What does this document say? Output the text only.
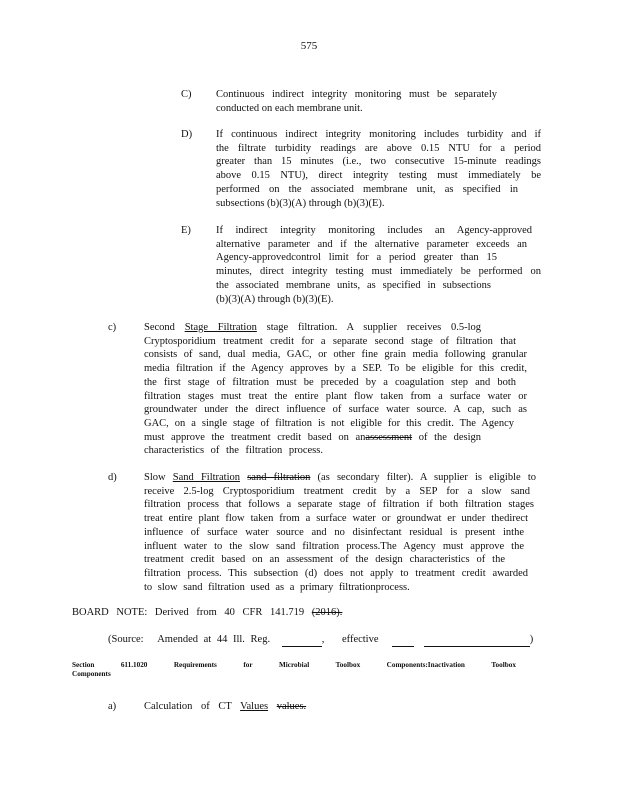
575
C) Continuous indirect integrity monitoring must be separately
conducted on each membrane unit.
D) If continuous indirect integrity monitoring includes turbidity and if
the filtrate turbidity readings are above 0.15 NTU for a period
greater than 15 minutes (i.e., two consecutive 15-minute readings
above 0.15 NTU), direct integrity testing must immediately be
performed on the associated membrane unit, as specified in
subsections (b)(3)(A) through (b)(3)(E).
E) If indirect integrity monitoring includes an Agency-approved
alternative parameter and if the alternative parameter exceeds an
Agency-approvedcontrol limit for a period greater than 15
minutes, direct integrity testing must immediately be performed on
the associated membrane units, as specified in subsections
(b)(3)(A) through (b)(3)(E).
c)	Second Stage Filtration stage filtration. A supplier receives 0.5-log
Cryptosporidium treatment credit for a separate second stage of filtration that
consists of sand, dual media, GAC, or other fine grain media following granular
media filtration if the Agency approves by a SEP. To be eligible for this credit,
the first stage of filtration must be preceded by a coagulation step and both
filtration stages must treat the entire plant flow taken from a surface water or
groundwater under the direct influence of surface water source. A cap, such as
GAC, on a single stage of filtration is not eligible for this credit. The Agency
must approve the treatment credit based on anassessment of the design
characteristics of the filtration process.
d)	Slow Sand Filtration sand filtration (as secondary filter). A supplier is eligible to
receive 2.5-log Cryptosporidium treatment credit by a SEP for a slow sand
filtration process that follows a separate stage of filtration if both filtration stages
treat entire plant flow taken from a surface water or groundwat er under thedirect
influence of surface water source and no disinfectant residual is present inthe
influent water to the slow sand filtration process.The Agency must approve the
treatment credit based on an assessment of the design characteristics of the
filtration process. This subsection (d) does not apply to treatment credit awarded
to slow sand filtration used as a primary filtrationprocess.
BOARD NOTE: Derived from 40 CFR 141.719 (2016).
(Source: Amended at 44 Ill. Reg.	, effective	)
Section	611.1020	Requirements	for	Microbial	Toolbox	Components:Inactivation	Toolbox
Components
a)	Calculation of CT Values values.
